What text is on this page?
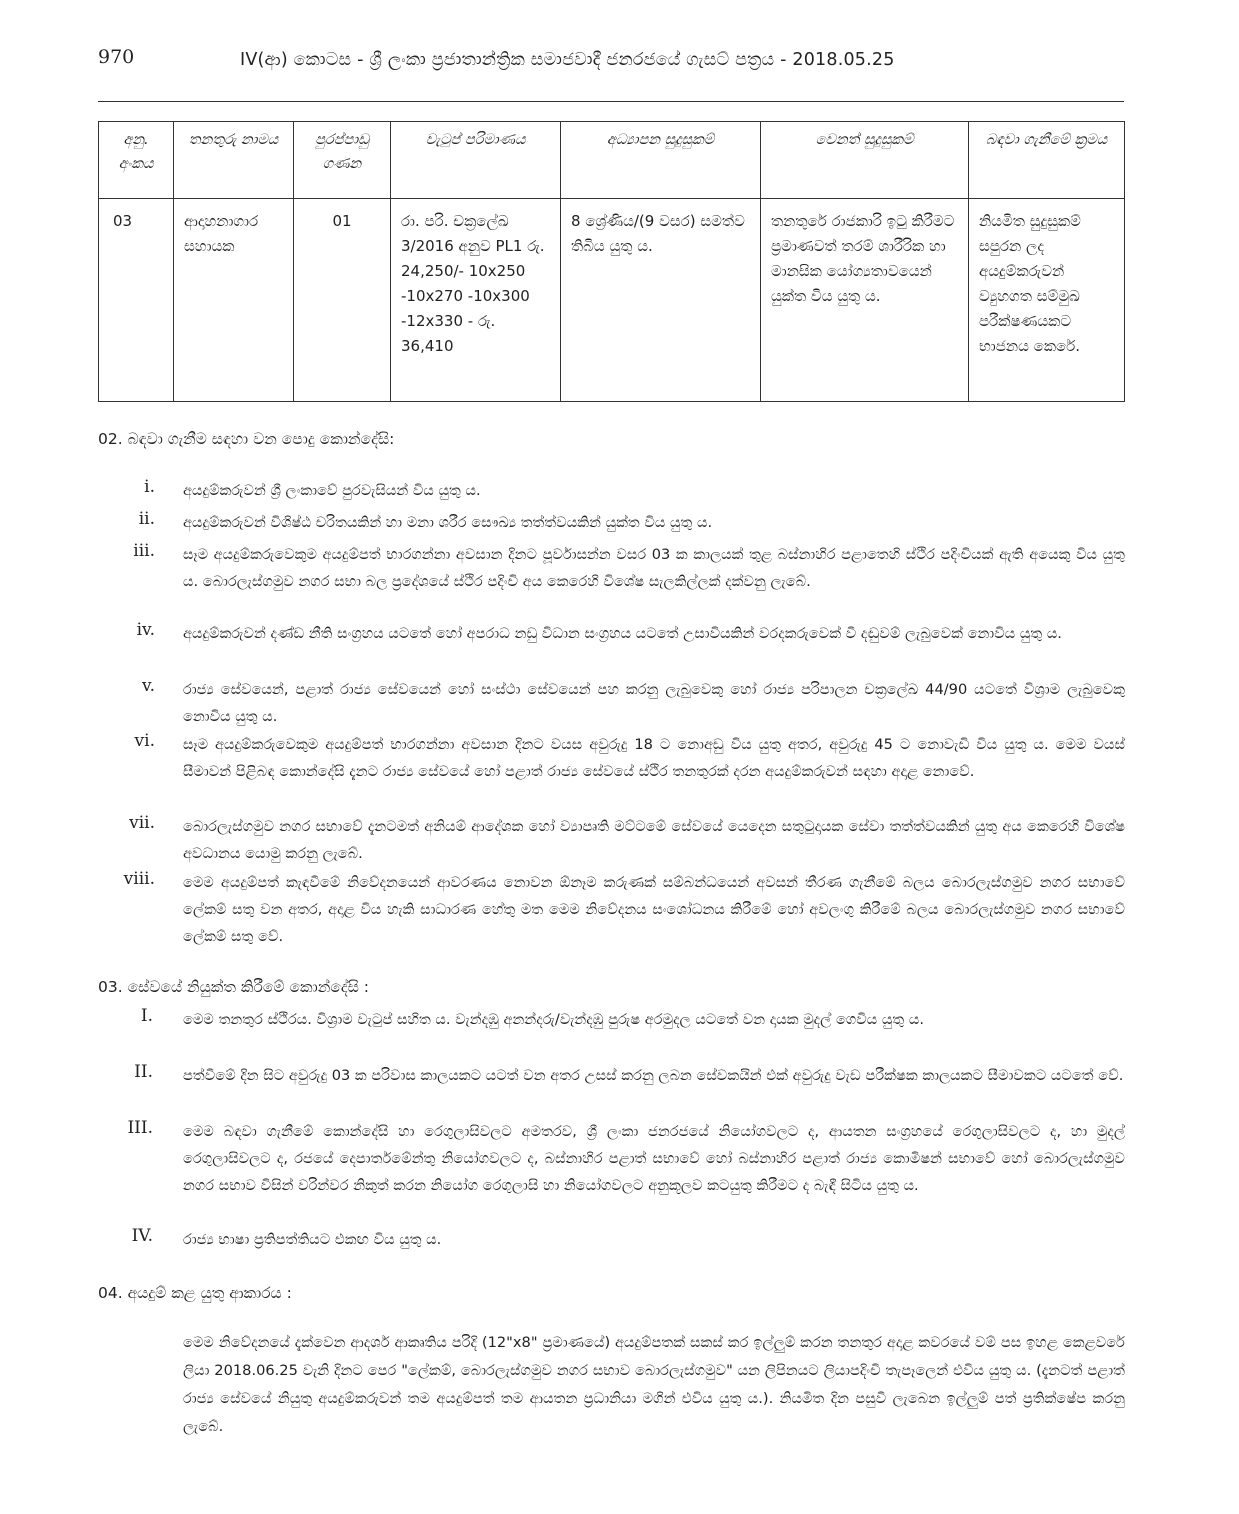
970	IV(ආ) කොටස - ශ්‍රී ලංකා ප්‍රජාතාන්ත්‍රික සමාජවාදී ජනරජයේ ගැසට් පත්‍රය - 2018.05.25
අනු. අංකය	තනතුරු නාමය	පුරප්පාඩු ගණන	වැටුප් පරිමාණය	අධ්‍යාපන සුදුසුකම්	වෙනත් සුදුසුකම්	බඳවා ගැනීමේ ක්‍රමය
03	ආදාහනාගාර සහායක	01	රා. පරි. චක්‍රලේඛ 3/2016 අනුව PL1 රු. 24,250/- 10x250 -10x270 -10x300 -12x330 - රු. 36,410	8 ශ්‍රේණිය/(9 වසර) සමත්ව තිබිය යුතු ය.	තනතුරේ රාජකාරි ඉටු කිරීමට ප්‍රමාණවත් තරම් ශාරීරික හා මානසික යෝග්‍යතාවයෙන් යුක්ත විය යුතු ය.	නියමිත සුදුසුකම් සපුරන ලද අයදුම්කරුවන් ව්‍යුහගත සම්මුඛ පරීක්ෂණයකට භාජනය කෙරේ.
02. බඳවා ගැනීම සඳහා වන පොදු කොන්දේසි:
i. අයදුම්කරුවන් ශ්‍රී ලංකාවේ පුරවැසියන් විය යුතු ය.
ii. අයදුම්කරුවන් විශිෂ්ඨ චරිතයකින් හා මනා ශරීර සෞඛ්‍ය තත්ත්වයකින් යුක්ත විය යුතු ය.
iii. සෑම අයදුම්කරුවෙකුම අයදුම්පත් භාරගන්නා අවසාන දිනට පූර්වාසන්න වසර 03 ක කාලයක් තුළ බස්නාහිර පළාතෙහි ස්ථිර පදිංචියක් ඇති අයෙකු විය යුතු ය. බොරලැස්ගමුව නගර සභා බල ප්‍රදේශයේ ස්ථිර පදිංචි අය කෙරෙහි විශේෂ සැලකිල්ලක් දක්වනු ලැබේ.
iv. අයදුම්කරුවන් දණ්ඩ නීති සංග්‍රහය යටතේ හෝ අපරාධ නඩු විධාන සංග්‍රහය යටතේ උසාවියකින් වරදකරුවෙක් වී දඬුවම් ලැබුවෙක් නොවිය යුතු ය.
v. රාජ්‍ය සේවයෙන්, පළාත් රාජ්‍ය සේවයෙන් හෝ සංස්ථා සේවයෙන් පහ කරනු ලැබුවෙකු හෝ රාජ්‍ය පරිපාලන චක්‍රලේඛ 44/90 යටතේ විශ්‍රාම ලැබුවෙකු නොවිය යුතු ය.
vi. සෑම අයදුම්කරුවෙකුම අයදුම්පත් භාරගන්නා අවසාන දිනට වයස අවුරුදු 18 ට නොඅඩු විය යුතු අතර, අවුරුදු 45 ට නොවැඩි විය යුතු ය. මෙම වයස් සීමාවන් පිළිබඳ කොන්දේසි දැනට රාජ්‍ය සේවයේ හෝ පළාත් රාජ්‍ය සේවයේ ස්ථිර තනතුරක් දරන අයදුම්කරුවන් සඳහා අදාළ නොවේ.
vii. බොරලැස්ගමුව නගර සභාවේ දැනටමත් අනියම් ආදේශක හෝ ව්‍යාපෘති මට්ටමේ සේවයේ යෙදෙන සතුටුදායක සේවා තත්ත්වයකින් යුතු අය කෙරෙහි විශේෂ අවධානය යොමු කරනු ලැබේ.
viii. මෙම අයදුම්පත් කැඳවීමේ නිවේදනයෙන් ආවරණය නොවන ඕනෑම කරුණක් සම්බන්ධයෙන් අවසන් තීරණ ගැනීමේ බලය බොරලැස්ගමුව නගර සභාවේ ලේකම් සතු වන අතර, අදාළ විය හැකි සාධාරණ හේතු මත මෙම නිවේදනය සංශෝධනය කිරීමේ හෝ අවලංගු කිරීමේ බලය බොරලැස්ගමුව නගර සභාවේ ලේකම් සතු වේ.
03. සේවයේ නියුක්ත කිරීමේ කොන්දේසි :
I. මෙම තනතුර ස්ථිරය. විශ්‍රාම වැටුප් සහිත ය. වැන්දඹු අනන්දරු/වැන්දඹු පුරුෂ අරමුදල යටතේ වන දායක මුදල් ගෙවිය යුතු ය.
II. පත්වීමේ දින සිට අවුරුදු 03 ක පරිවාස කාලයකට යටත් වන අතර උසස් කරනු ලබන සේවකයින් එක් අවුරුදු වැඩ පරීක්ෂක කාලයකට සීමාවකට යටතේ වේ.
III. මෙම බඳවා ගැනීමේ කොන්දේසි හා රෙගුලාසිවලට අමතරව, ශ්‍රී ලංකා ජනරජයේ නියෝගවලට ද, ආයතන සංග්‍රහයේ රෙගුලාසිවලට ද, හා මුදල් රෙගුලාසිවලට ද, රජයේ දෙපාර්තමේන්තු නියෝගවලට ද, බස්නාහිර පළාත් සභාවේ හෝ බස්නාහිර පළාත් රාජ්‍ය කොමිෂන් සභාවේ හෝ බොරලැස්ගමුව නගර සභාව විසින් වරින්වර නිකුත් කරන නියෝග රෙගුලාසි හා නියෝගවලට අනුකූලව කටයුතු කිරීමට ද බැඳී සිටිය යුතු ය.
IV. රාජ්‍ය භාෂා ප්‍රතිපත්තියට එකඟ විය යුතු ය.
04. අයදුම් කළ යුතු ආකාරය :
මෙම නිවේදනයේ දැක්වෙන ආදර්ශ ආකෘතිය පරිදි (12"x8" ප්‍රමාණයේ) අයදුම්පතක් සකස් කර ඉල්ලුම් කරන තනතුර අදාළ කවරයේ වම් පස ඉහළ කෙළවරේ ලියා 2018.06.25 වැනි දිනට පෙර "ලේකම්, බොරලැස්ගමුව නගර සභාව බොරලැස්ගමුව" යන ලිපිනයට ලියාපදිංචි තැපෑලෙන් එවිය යුතු ය. (දැනටත් පළාත් රාජ්‍ය සේවයේ නියුතු අයදුම්කරුවන් තම අයදුම්පත් තම ආයතන ප්‍රධානියා මගින් එවිය යුතු ය.). නියමිත දින පසුවී ලැබෙන ඉල්ලුම් පත් ප්‍රතික්ෂේප කරනු ලැබේ.
